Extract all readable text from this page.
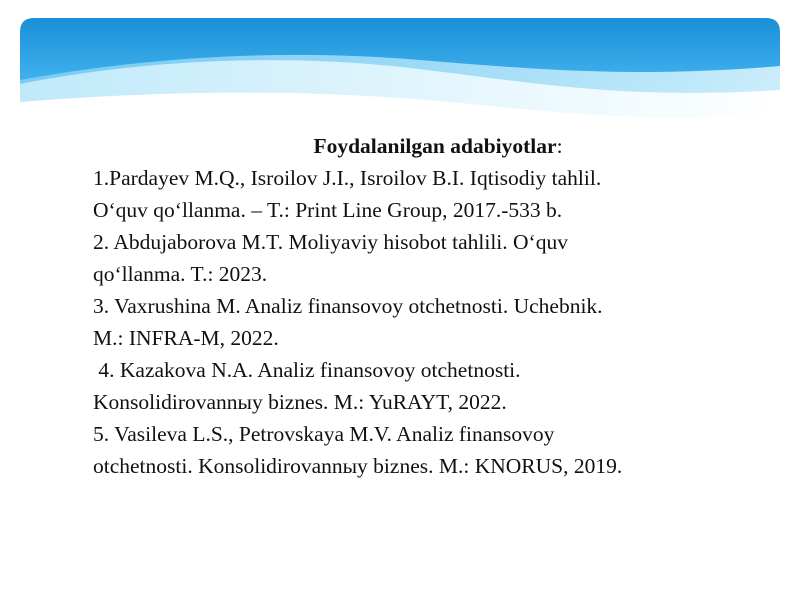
Foydalanilgan adabiyotlar:

1.Pardayev M.Q., Isroilov J.I., Isroilov B.I. Iqtisodiy tahlil.
O‘quv qo‘llanma. – T.: Print Line Group, 2017.-533 b.

2. Abdujaborova M.T. Moliyaviy hisobot tahlili. O‘quv
qo‘llanma. T.: 2023.

3. Vaxrushina M. Analiz finansovoy otchetnosti. Uchebnik.
M.: INFRA-M, 2022.

4. Kazakova N.A. Analiz finansovoy otchetnosti.
Konsolidirovannыy biznes. M.: YuRAYT, 2022.

5. Vasileva L.S., Petrovskaya M.V. Analiz finansovoy
otchetnosti. Konsolidirovannыy biznes. M.: KNORUS, 2019.
